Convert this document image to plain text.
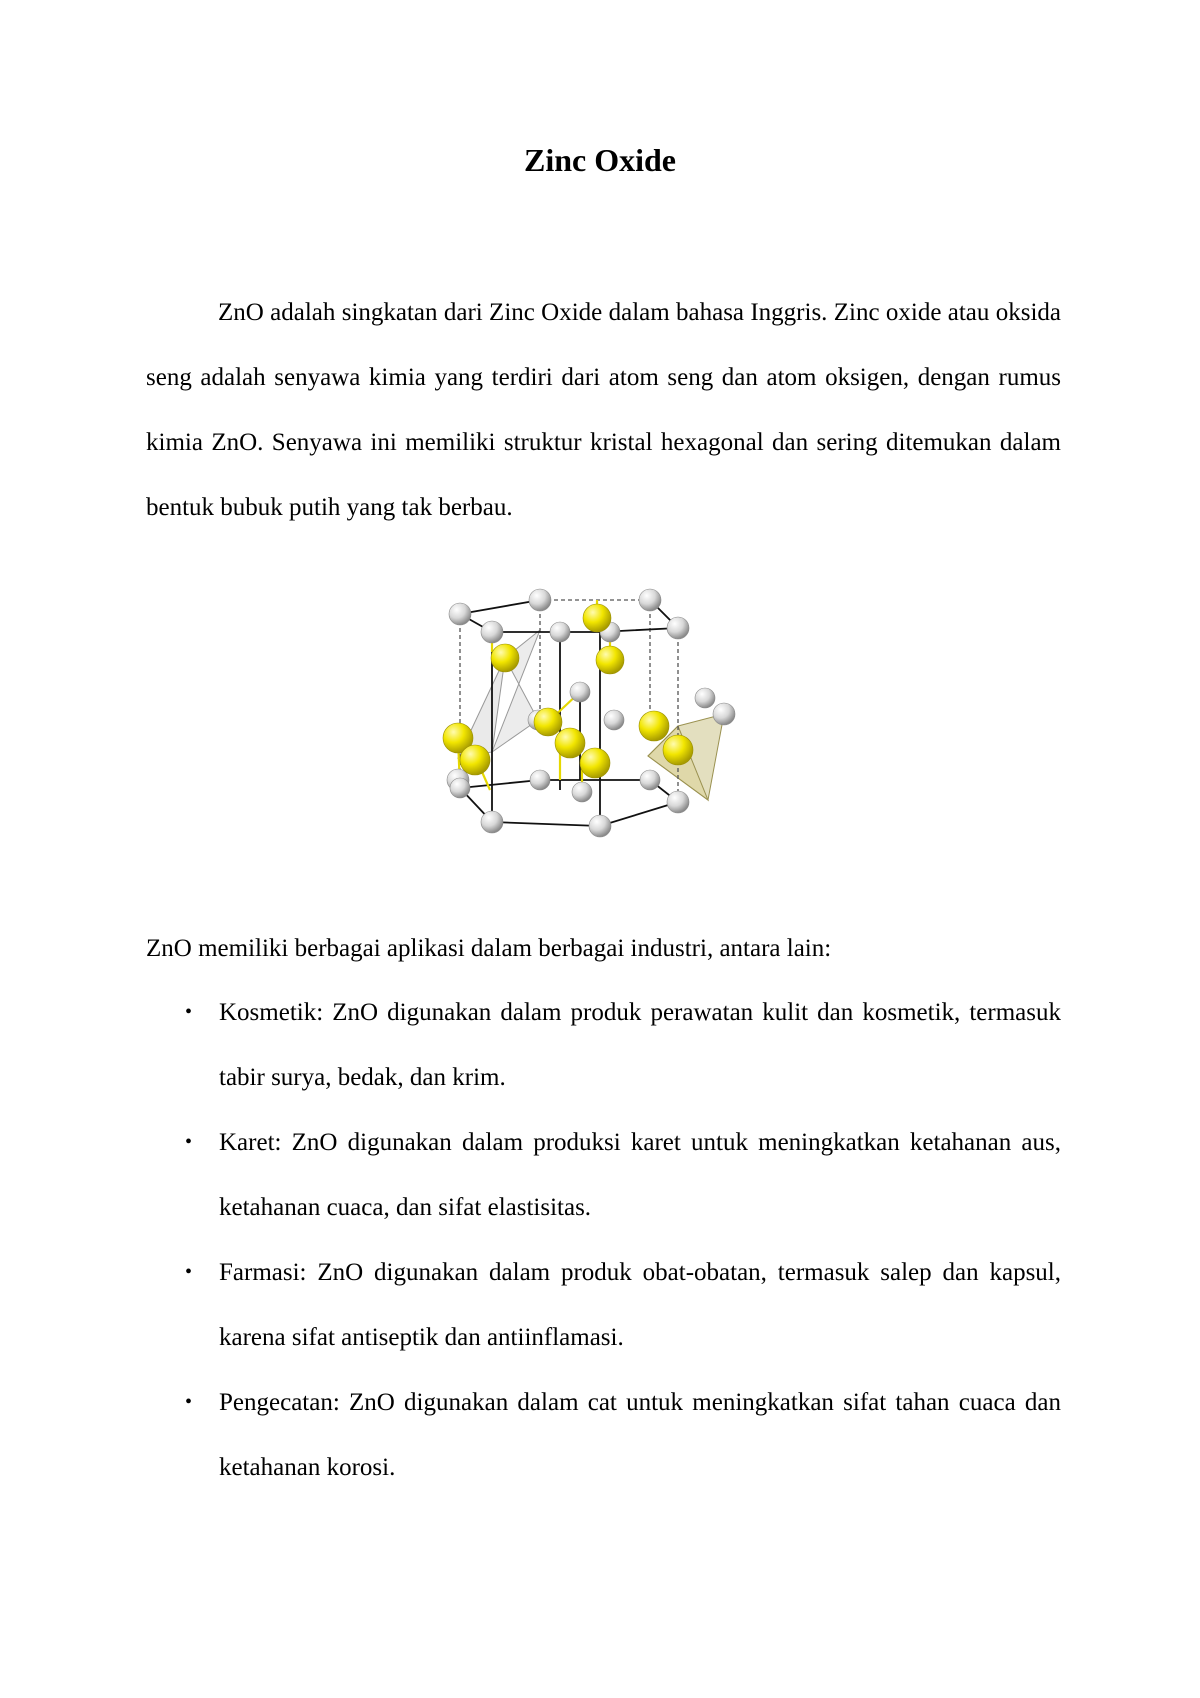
Zinc Oxide

ZnO adalah singkatan dari Zinc Oxide dalam bahasa Inggris. Zinc oxide atau oksida seng adalah senyawa kimia yang terdiri dari atom seng dan atom oksigen, dengan rumus kimia ZnO. Senyawa ini memiliki struktur kristal hexagonal dan sering ditemukan dalam bentuk bubuk putih yang tak berbau.

ZnO memiliki berbagai aplikasi dalam berbagai industri, antara lain:

• Kosmetik: ZnO digunakan dalam produk perawatan kulit dan kosmetik, termasuk tabir surya, bedak, dan krim.
• Karet: ZnO digunakan dalam produksi karet untuk meningkatkan ketahanan aus, ketahanan cuaca, dan sifat elastisitas.
• Farmasi: ZnO digunakan dalam produk obat-obatan, termasuk salep dan kapsul, karena sifat antiseptik dan antiinflamasi.
• Pengecatan: ZnO digunakan dalam cat untuk meningkatkan sifat tahan cuaca dan ketahanan korosi.
